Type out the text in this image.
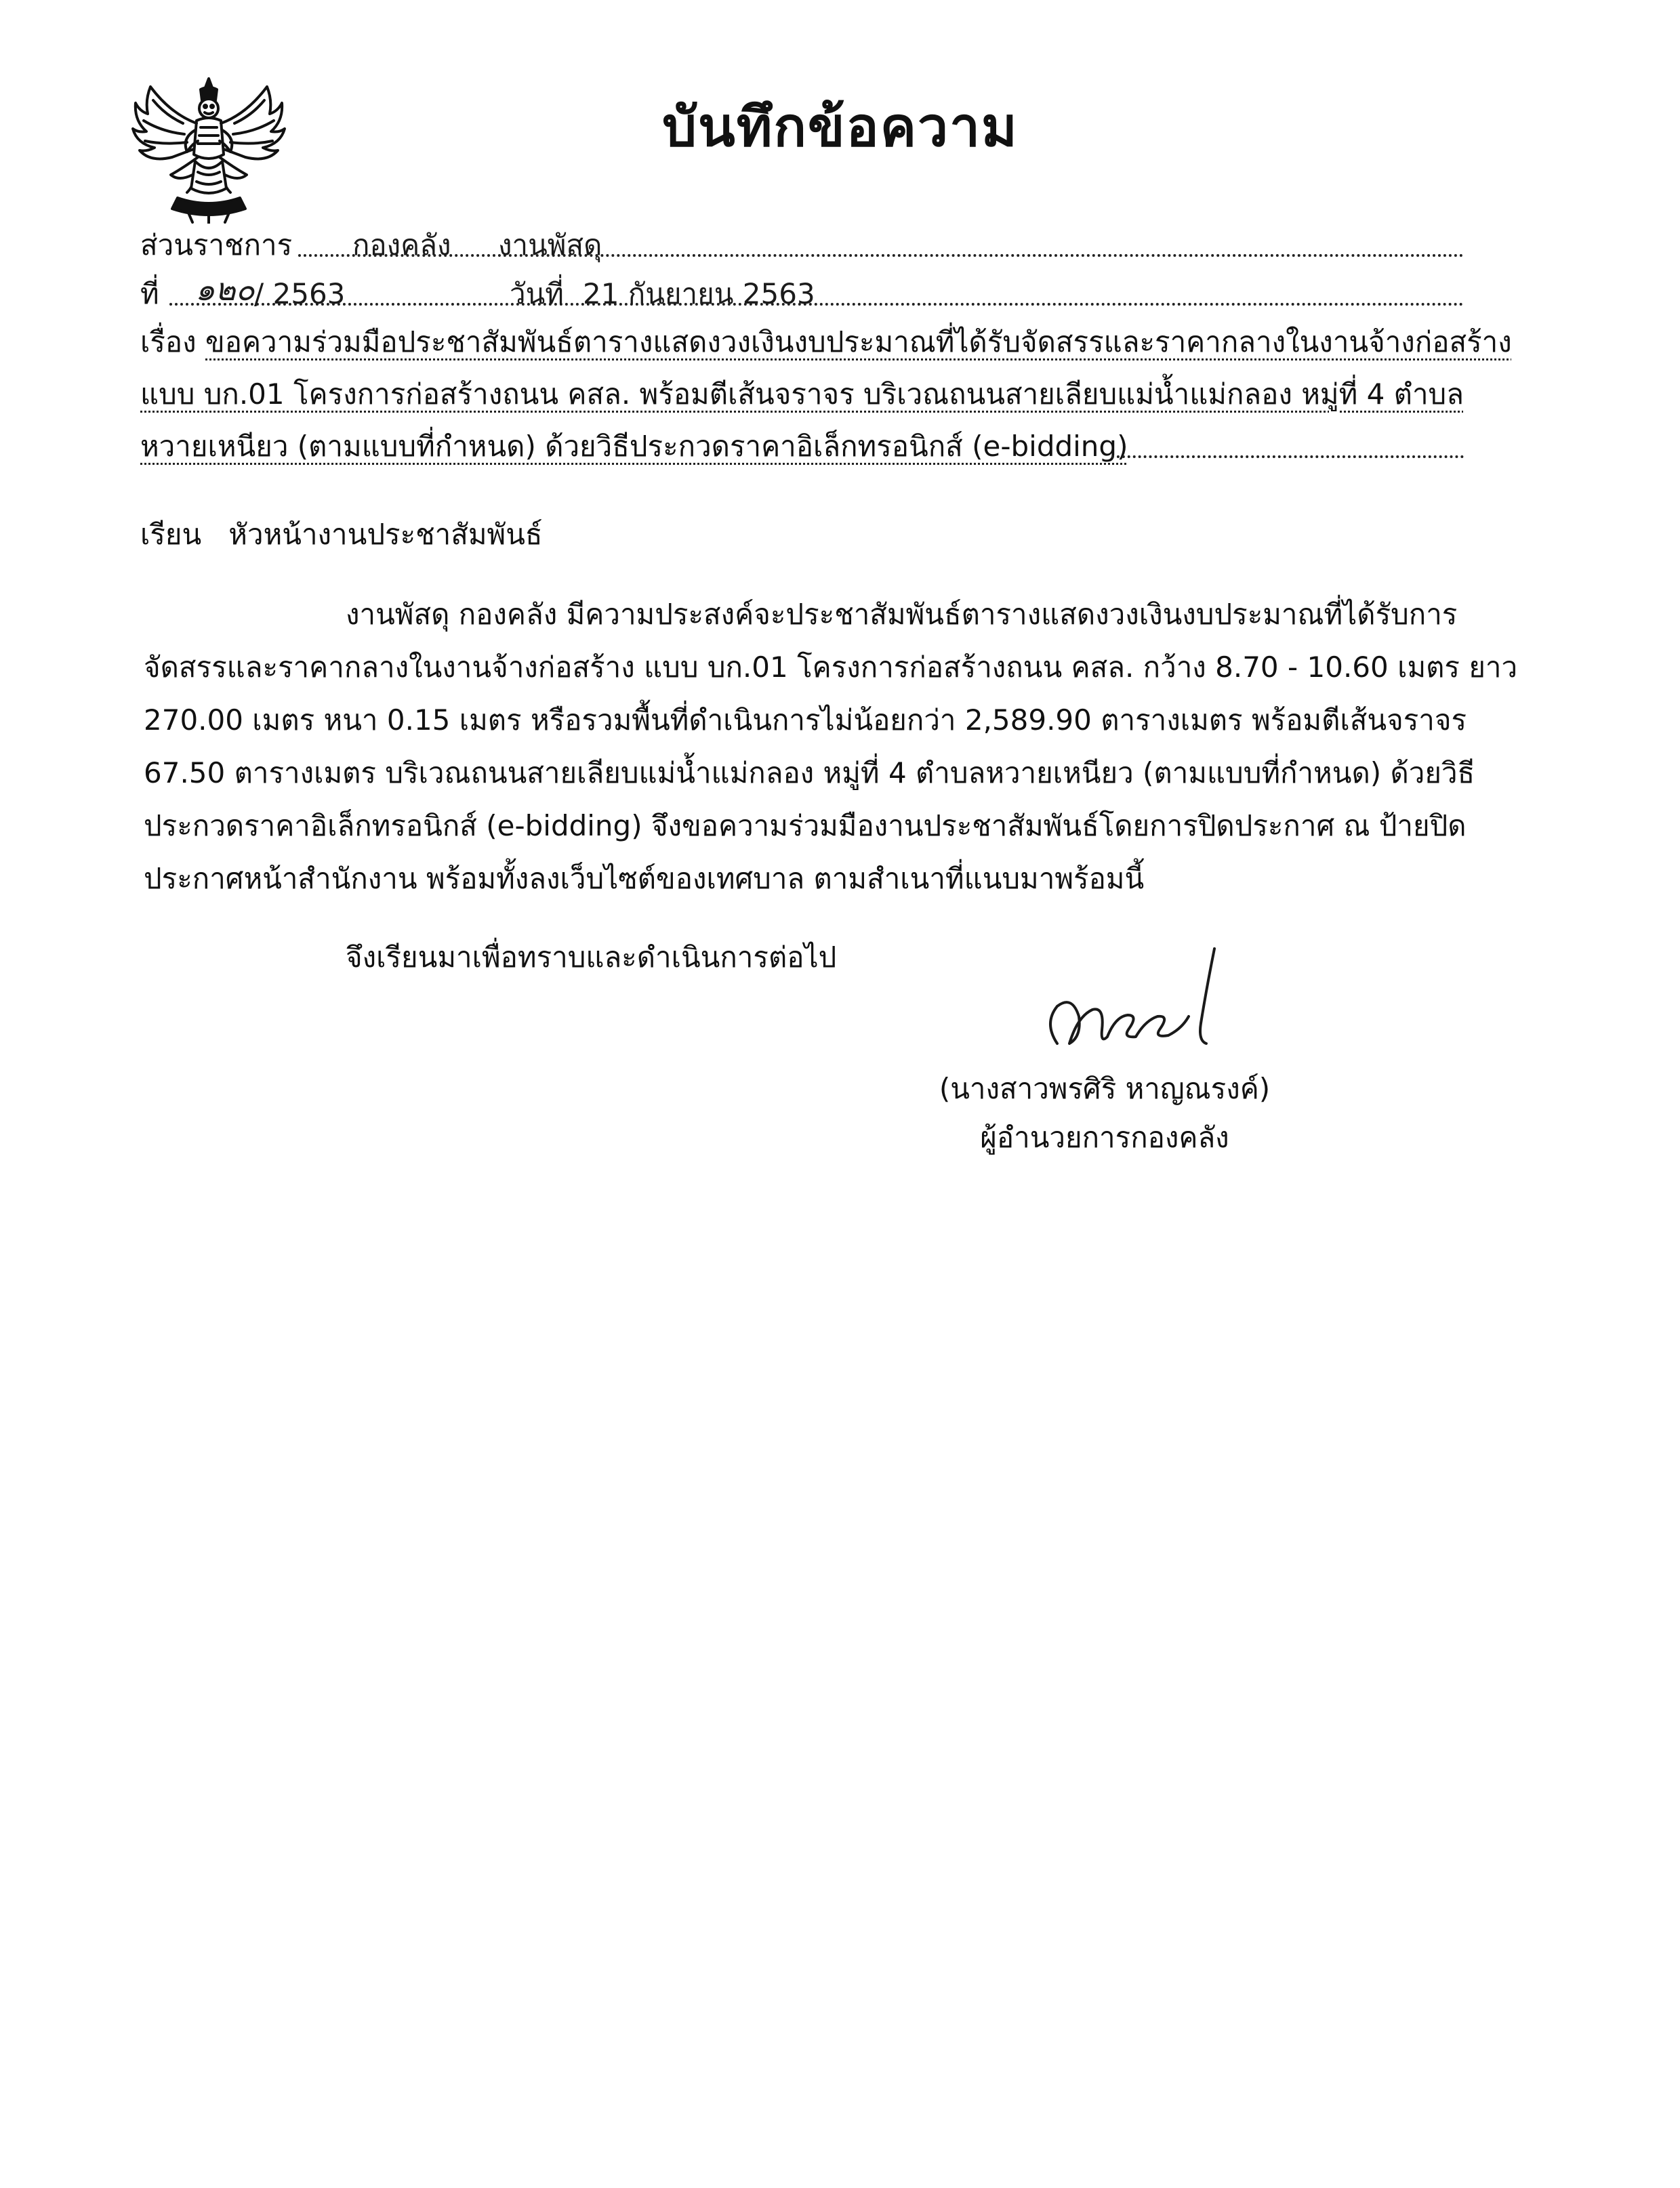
บันทึกข้อความ
ส่วนราชการ กองคลัง งานพัสดุ
ที่ ๑๒๐ / 2563	วันที่ 21 กันยายน 2563
เรื่อง ขอความร่วมมือประชาสัมพันธ์ตารางแสดงวงเงินงบประมาณที่ได้รับจัดสรรและราคากลางในงานจ้างก่อสร้าง
แบบ บก.01 โครงการก่อสร้างถนน คสล. พร้อมตีเส้นจราจร บริเวณถนนสายเลียบแม่น้ำแม่กลอง หมู่ที่ 4 ตำบล
หวายเหนียว (ตามแบบที่กำหนด) ด้วยวิธีประกวดราคาอิเล็กทรอนิกส์ (e-bidding)
เรียน หัวหน้างานประชาสัมพันธ์
งานพัสดุ กองคลัง มีความประสงค์จะประชาสัมพันธ์ตารางแสดงวงเงินงบประมาณที่ได้รับการ
จัดสรรและราคากลางในงานจ้างก่อสร้าง แบบ บก.01 โครงการก่อสร้างถนน คสล. กว้าง 8.70 - 10.60 เมตร ยาว
270.00 เมตร หนา 0.15 เมตร หรือรวมพื้นที่ดำเนินการไม่น้อยกว่า 2,589.90 ตารางเมตร พร้อมตีเส้นจราจร
67.50 ตารางเมตร บริเวณถนนสายเลียบแม่น้ำแม่กลอง หมู่ที่ 4 ตำบลหวายเหนียว (ตามแบบที่กำหนด) ด้วยวิธี
ประกวดราคาอิเล็กทรอนิกส์ (e-bidding) จึงขอความร่วมมืองานประชาสัมพันธ์โดยการปิดประกาศ ณ ป้ายปิด
ประกาศหน้าสำนักงาน พร้อมทั้งลงเว็บไซต์ของเทศบาล ตามสำเนาที่แนบมาพร้อมนี้
จึงเรียนมาเพื่อทราบและดำเนินการต่อไป
(นางสาวพรศิริ หาญณรงค์)
ผู้อำนวยการกองคลัง
